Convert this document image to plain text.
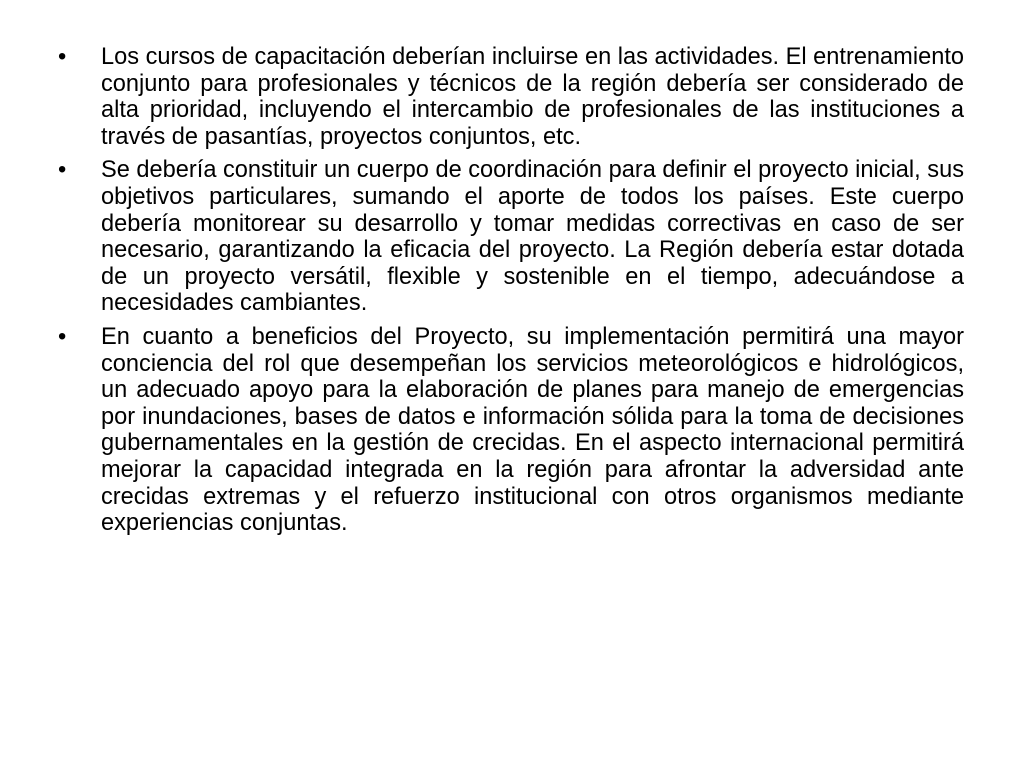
•	Los cursos de capacitación deberían incluirse en las actividades. El entrenamiento conjunto para profesionales y técnicos de la región debería ser considerado de alta prioridad, incluyendo el intercambio de profesionales de las instituciones a través de pasantías, proyectos conjuntos, etc.
•	Se debería constituir un cuerpo de coordinación para definir el proyecto inicial, sus objetivos particulares, sumando el aporte de todos los países. Este cuerpo debería monitorear su desarrollo y tomar medidas correctivas en caso de ser necesario, garantizando la eficacia del proyecto. La Región debería estar dotada de un proyecto versátil, flexible y sostenible en el tiempo, adecuándose a necesidades cambiantes.
•	En cuanto a beneficios del Proyecto, su implementación permitirá una mayor conciencia del rol que desempeñan los servicios meteorológicos e hidrológicos, un adecuado apoyo para la elaboración de planes para manejo de emergencias por inundaciones, bases de datos e información sólida para la toma de decisiones gubernamentales en la gestión de crecidas. En el aspecto internacional permitirá mejorar la capacidad integrada en la región para afrontar la adversidad ante crecidas extremas y el refuerzo institucional con otros organismos mediante experiencias conjuntas.
